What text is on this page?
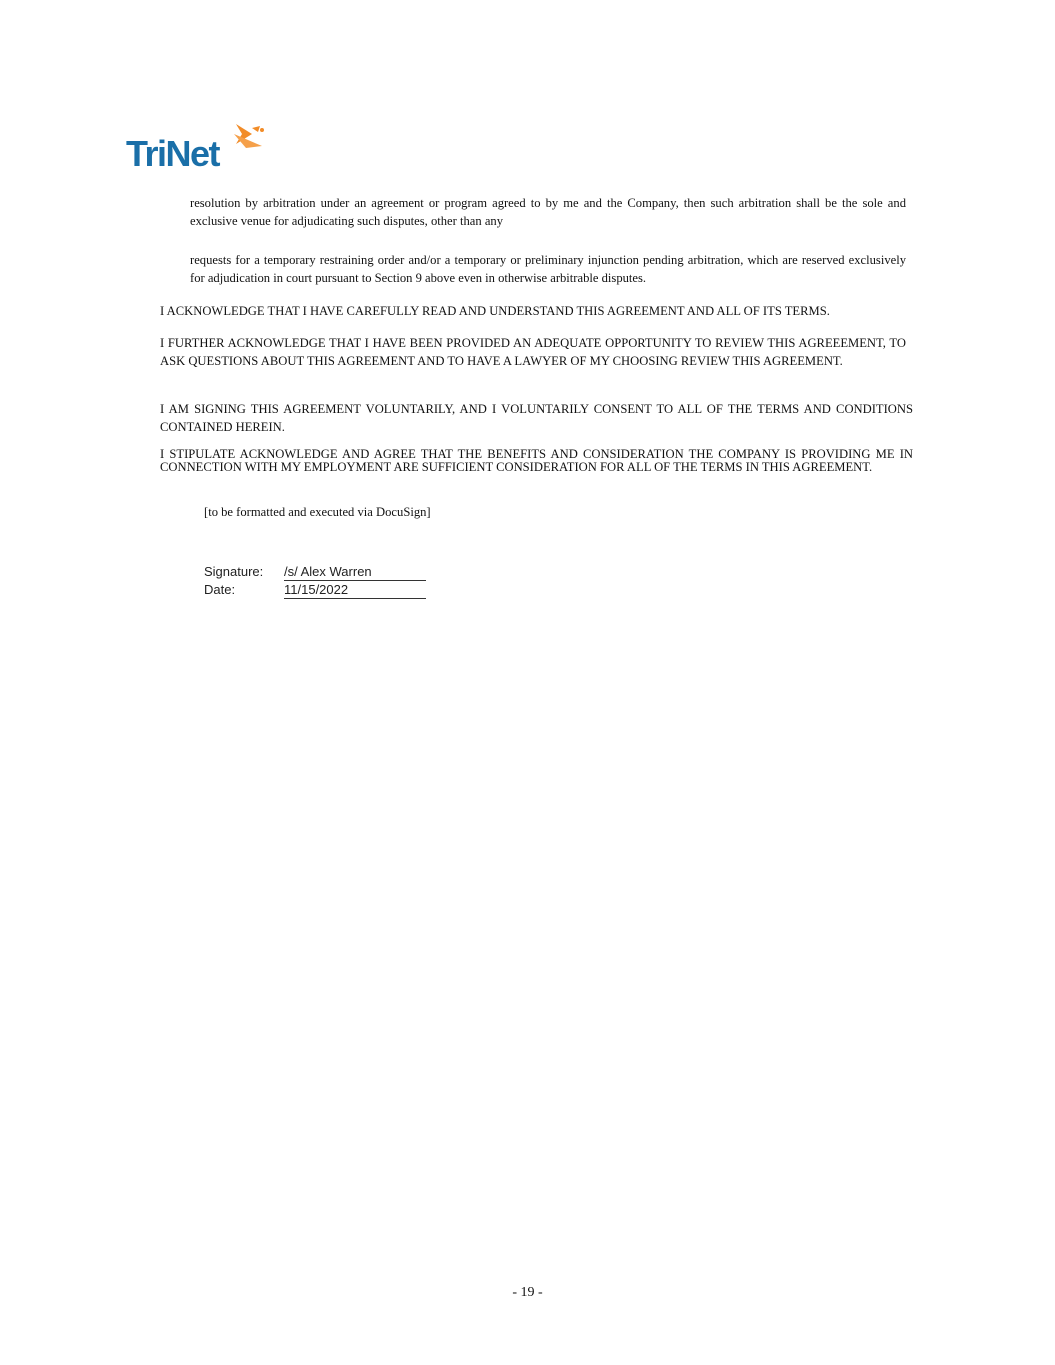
TriNet

resolution by arbitration under an agreement or program agreed to by me and the Company, then such arbitration shall be the sole and exclusive venue for adjudicating such disputes, other than any

requests for a temporary restraining order and/or a temporary or preliminary injunction pending arbitration, which are reserved exclusively for adjudication in court pursuant to Section 9 above even in otherwise arbitrable disputes.

I ACKNOWLEDGE THAT I HAVE CAREFULLY READ AND UNDERSTAND THIS AGREEMENT AND ALL OF ITS TERMS.

I FURTHER ACKNOWLEDGE THAT I HAVE BEEN PROVIDED AN ADEQUATE OPPORTUNITY TO REVIEW THIS AGREEEMENT, TO ASK QUESTIONS ABOUT THIS AGREEMENT AND TO HAVE A LAWYER OF MY CHOOSING REVIEW THIS AGREEMENT.

I AM SIGNING THIS AGREEMENT VOLUNTARILY, AND I VOLUNTARILY CONSENT TO ALL OF THE TERMS AND CONDITIONS CONTAINED HEREIN.

I STIPULATE ACKNOWLEDGE AND AGREE THAT THE BENEFITS AND CONSIDERATION THE COMPANY IS PROVIDING ME IN CONNECTION WITH MY EMPLOYMENT ARE SUFFICIENT CONSIDERATION FOR ALL OF THE TERMS IN THIS AGREEMENT.

[to be formatted and executed via DocuSign]
Signature: /s/ Alex Warren
Date:	11/15/2022
- 19 -
